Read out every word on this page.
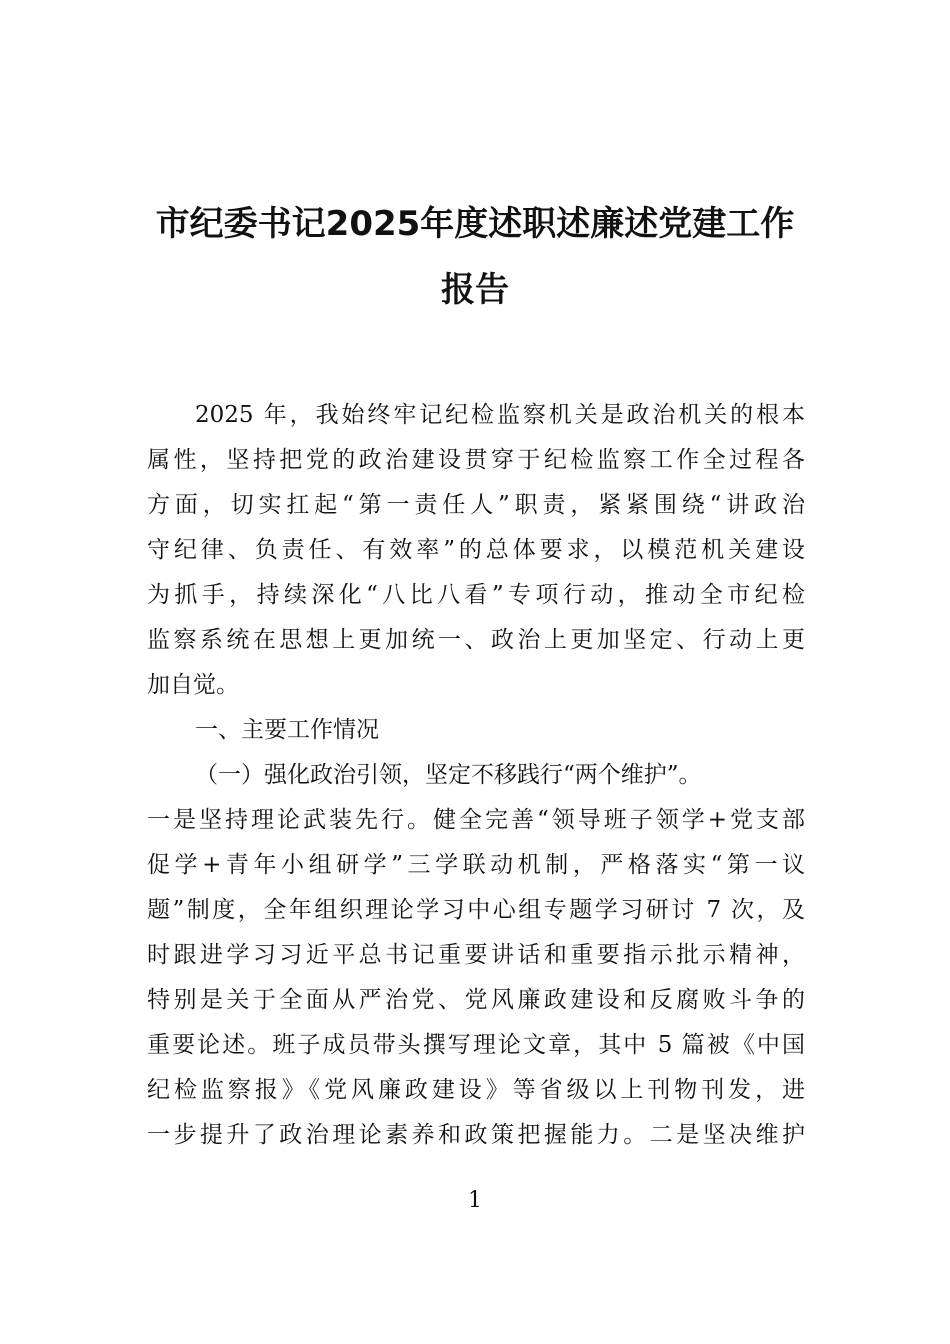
市纪委书记2025年度述职述廉述党建工作
报告
2025 年，我始终牢记纪检监察机关是政治机关的根本
属性，坚持把党的政治建设贯穿于纪检监察工作全过程各
方面，切实扛起“第一责任人”职责，紧紧围绕“讲政治
守纪律、负责任、有效率”的总体要求，以模范机关建设
为抓手，持续深化“八比八看”专项行动，推动全市纪检
监察系统在思想上更加统一、政治上更加坚定、行动上更
加自觉。
一、主要工作情况
（一）强化政治引领，坚定不移践行“两个维护”。
一是坚持理论武装先行。健全完善“领导班子领学+党支部
促学+青年小组研学”三学联动机制，严格落实“第一议
题”制度，全年组织理论学习中心组专题学习研讨 7 次，及
时跟进学习习近平总书记重要讲话和重要指示批示精神，
特别是关于全面从严治党、党风廉政建设和反腐败斗争的
重要论述。班子成员带头撰写理论文章，其中 5 篇被《中国
纪检监察报》《党风廉政建设》等省级以上刊物刊发，进
一步提升了政治理论素养和政策把握能力。二是坚决维护
1
